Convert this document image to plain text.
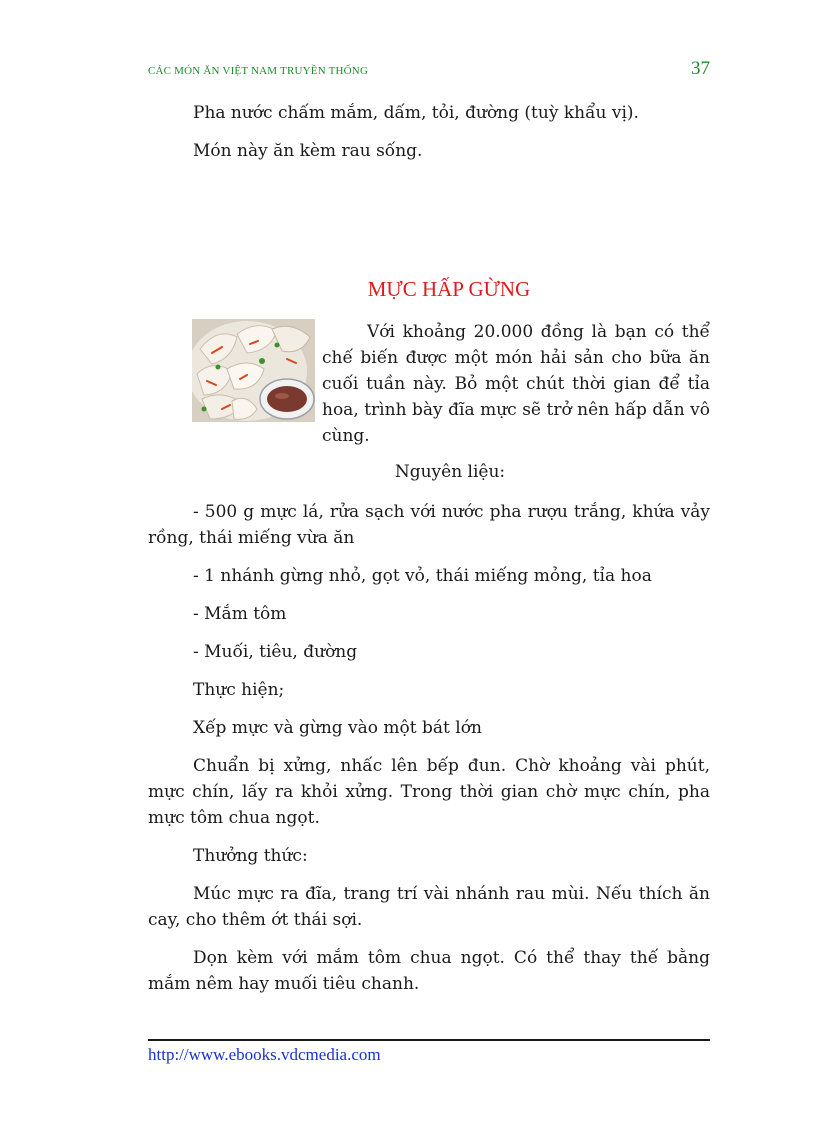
CÁC MÓN ĂN VIỆT NAM TRUYỀN THỐNG	37

Pha nước chấm mắm, dấm, tỏi, đường (tuỳ khẩu vị).

Món này ăn kèm rau sống.

MỰC HẤP GỪNG

Với khoảng 20.000 đồng là bạn có thể chế biến được một món hải sản cho bữa ăn cuối tuần này. Bỏ một chút thời gian để tỉa hoa, trình bày đĩa mực sẽ trở nên hấp dẫn vô cùng.

Nguyên liệu:

- 500 g mực lá, rửa sạch với nước pha rượu trắng, khứa vảy rồng, thái miếng vừa ăn

- 1 nhánh gừng nhỏ, gọt vỏ, thái miếng mỏng, tỉa hoa

- Mắm tôm

- Muối, tiêu, đường

Thực hiện;

Xếp mực và gừng vào một bát lớn

Chuẩn bị xửng, nhấc lên bếp đun. Chờ khoảng vài phút, mực chín, lấy ra khỏi xửng. Trong thời gian chờ mực chín, pha mực tôm chua ngọt.

Thưởng thức:

Múc mực ra đĩa, trang trí vài nhánh rau mùi. Nếu thích ăn cay, cho thêm ớt thái sợi.

Dọn kèm với mắm tôm chua ngọt. Có thể thay thế bằng mắm nêm hay muối tiêu chanh.

http://www.ebooks.vdcmedia.com
